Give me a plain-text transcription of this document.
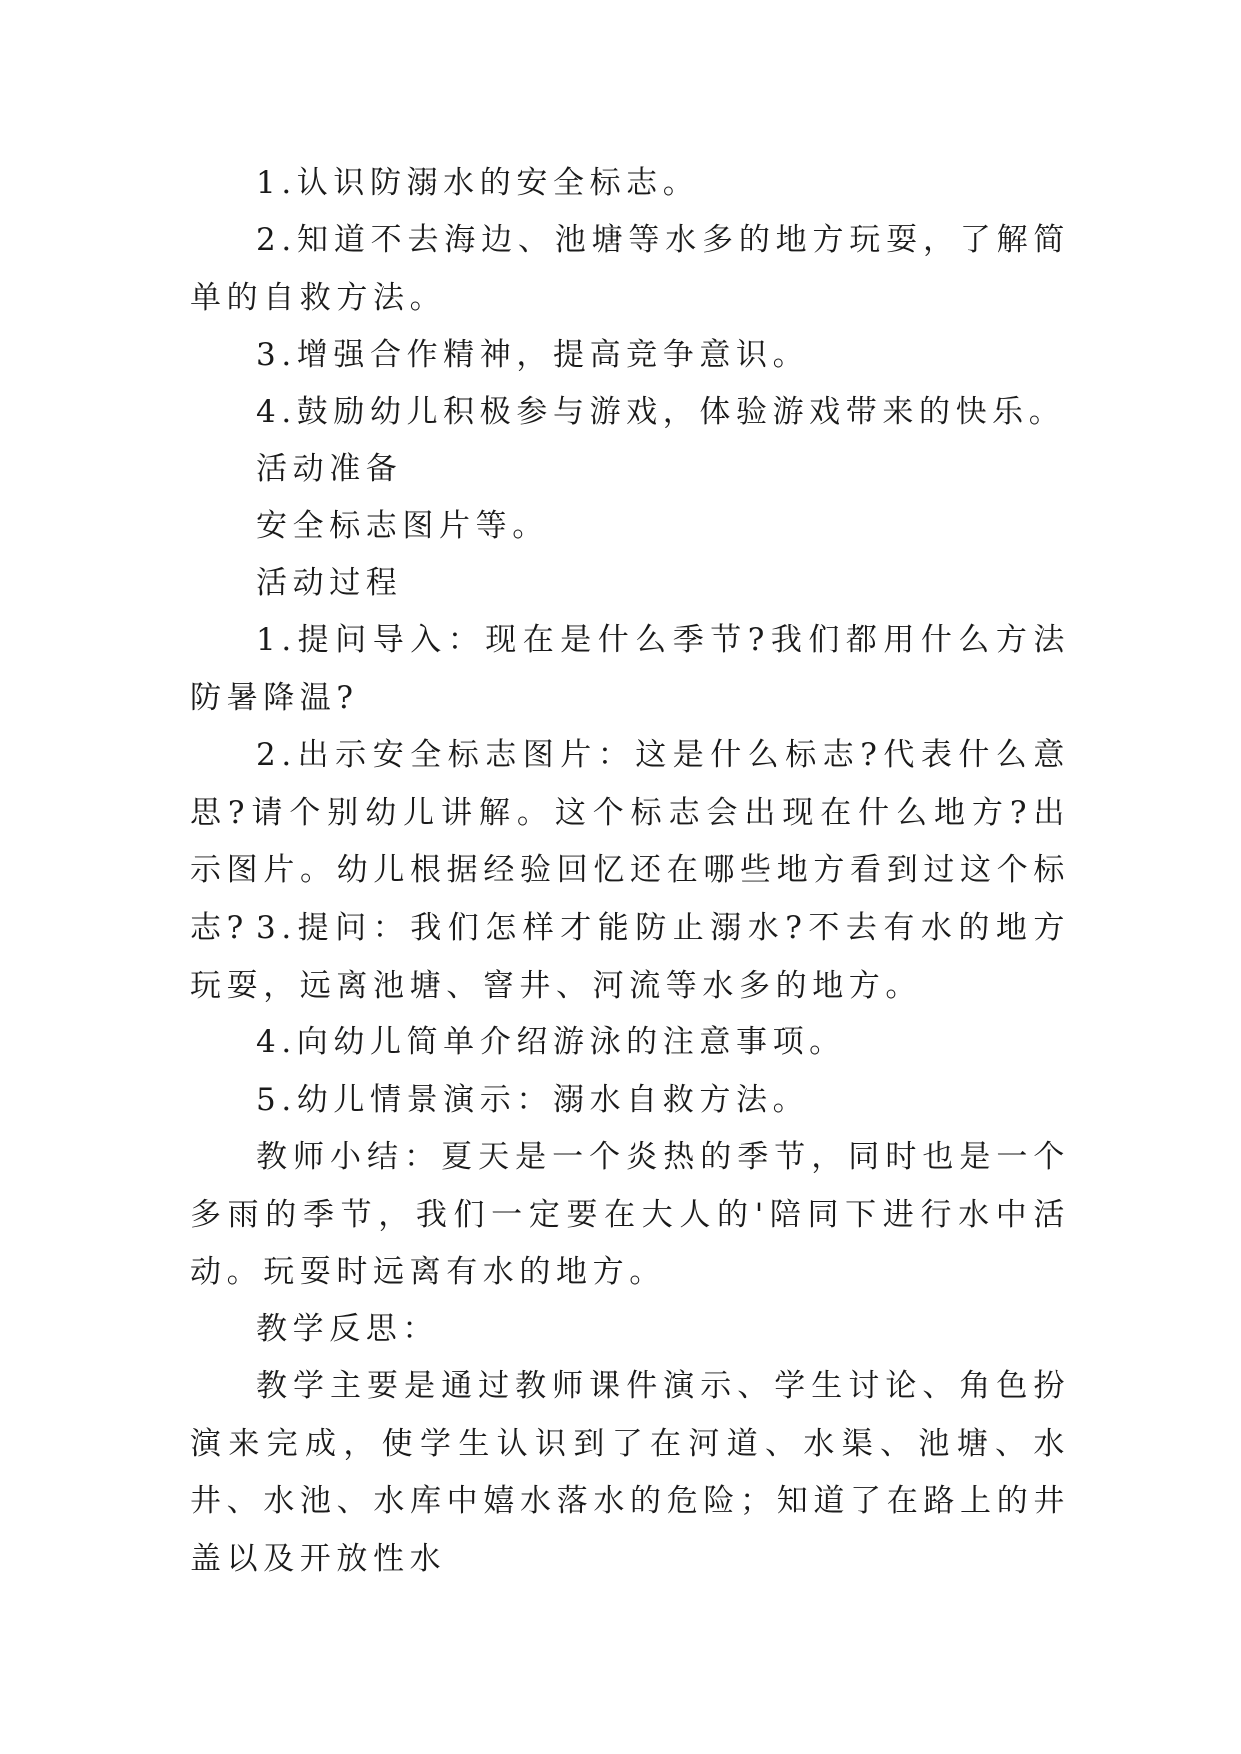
1.认识防溺水的安全标志。

2.知道不去海边、池塘等水多的地方玩耍，了解简单的自救方法。

3.增强合作精神，提高竞争意识。

4.鼓励幼儿积极参与游戏，体验游戏带来的快乐。

活动准备

安全标志图片等。

活动过程

1.提问导入：现在是什么季节?我们都用什么方法防暑降温?

2.出示安全标志图片：这是什么标志?代表什么意思?请个别幼儿讲解。这个标志会出现在什么地方?出示图片。幼儿根据经验回忆还在哪些地方看到过这个标志? 3.提问：我们怎样才能防止溺水?不去有水的地方玩耍，远离池塘、窨井、河流等水多的地方。

4.向幼儿简单介绍游泳的注意事项。

5.幼儿情景演示：溺水自救方法。

教师小结：夏天是一个炎热的季节，同时也是一个多雨的季节，我们一定要在大人的'陪同下进行水中活动。玩耍时远离有水的地方。

教学反思：

教学主要是通过教师课件演示、学生讨论、角色扮演来完成，使学生认识到了在河道、水渠、池塘、水井、水池、水库中嬉水落水的危险；知道了在路上的井盖以及开放性水
